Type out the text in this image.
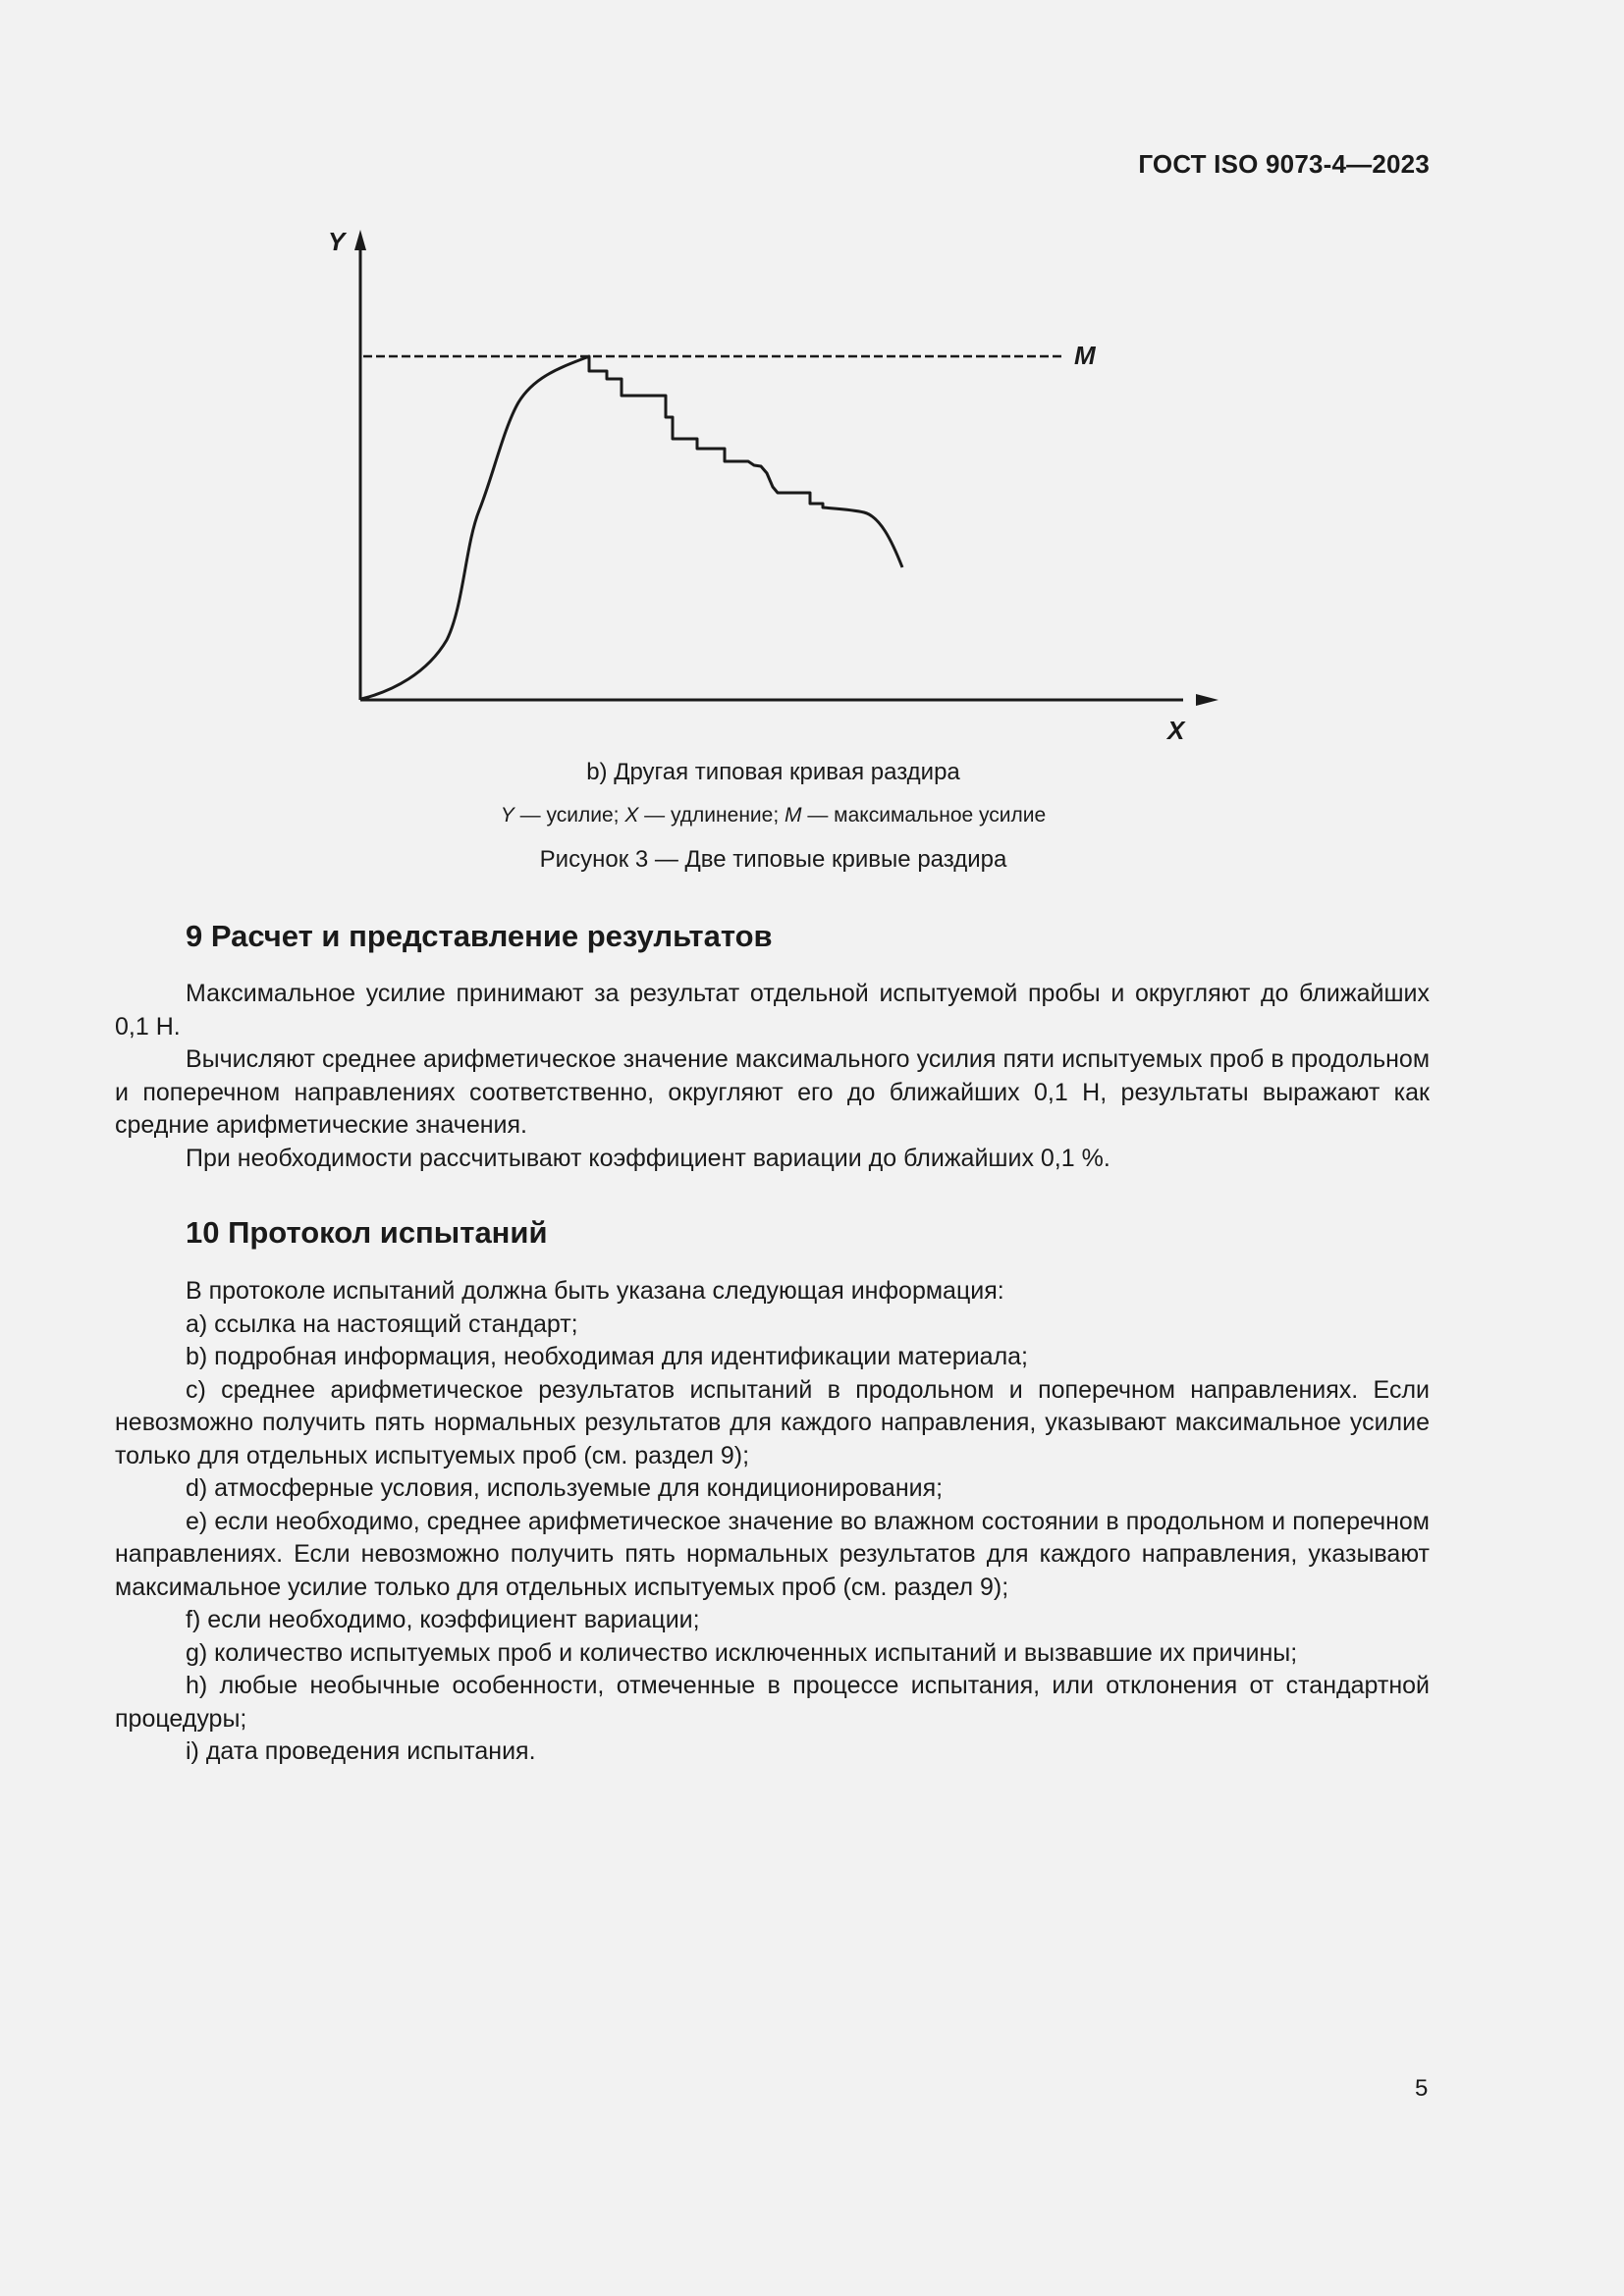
ГОСТ ISO 9073-4—2023
Y
X
M
b) Другая типовая кривая раздира
Y — усилие; X — удлинение; M — максимальное усилие
Рисунок 3 — Две типовые кривые раздира
9 Расчет и представление результатов

Максимальное усилие принимают за результат отдельной испытуемой пробы и округляют до ближайших 0,1 Н.

Вычисляют среднее арифметическое значение максимального усилия пяти испытуемых проб в продольном и поперечном направлениях соответственно, округляют его до ближайших 0,1 Н, результаты выражают как средние арифметические значения.

При необходимости рассчитывают коэффициент вариации до ближайших 0,1 %.

10 Протокол испытаний

В протоколе испытаний должна быть указана следующая информация:

a) ссылка на настоящий стандарт;

b) подробная информация, необходимая для идентификации материала;

c) среднее арифметическое результатов испытаний в продольном и поперечном направлениях. Если невозможно получить пять нормальных результатов для каждого направления, указывают максимальное усилие только для отдельных испытуемых проб (см. раздел 9);

d) атмосферные условия, используемые для кондиционирования;

e) если необходимо, среднее арифметическое значение во влажном состоянии в продольном и поперечном направлениях. Если невозможно получить пять нормальных результатов для каждого направления, указывают максимальное усилие только для отдельных испытуемых проб (см. раздел 9);

f) если необходимо, коэффициент вариации;

g) количество испытуемых проб и количество исключенных испытаний и вызвавшие их причины;

h) любые необычные особенности, отмеченные в процессе испытания, или отклонения от стандартной процедуры;

i) дата проведения испытания.

5
